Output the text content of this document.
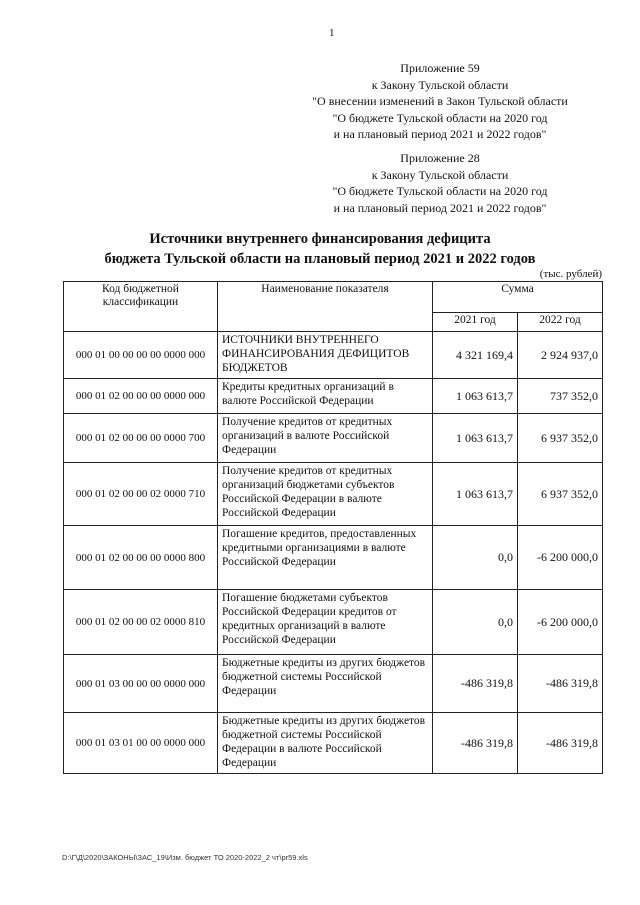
1
Приложение 59
к Закону Тульской области
"О внесении изменений в Закон Тульской области
"О бюджете Тульской области на 2020 год
и на плановый период 2021 и 2022 годов"
Приложение 28
к Закону Тульской области
"О бюджете Тульской области на 2020 год
и на плановый период 2021 и 2022 годов"
Источники внутреннего финансирования дефицита
бюджета Тульской области на плановый период 2021 и 2022 годов
(тыс. рублей)
Код бюджетной классификации	Наименование показателя	Сумма	
		2021 год	2022 год
000 01 00 00 00 00 0000 000	ИСТОЧНИКИ ВНУТРЕННЕГО ФИНАНСИРОВАНИЯ ДЕФИЦИТОВ БЮДЖЕТОВ	4 321 169,4	2 924 937,0
000 01 02 00 00 00 0000 000	Кредиты кредитных организаций в валюте Российской Федерации	1 063 613,7	737 352,0
000 01 02 00 00 00 0000 700	Получение кредитов от кредитных организаций в валюте Российской Федерации	1 063 613,7	6 937 352,0
000 01 02 00 00 02 0000 710	Получение кредитов от кредитных организаций бюджетами субъектов Российской Федерации в валюте Российской Федерации	1 063 613,7	6 937 352,0
000 01 02 00 00 00 0000 800	Погашение кредитов, предоставленных кредитными организациями в валюте Российской Федерации	0,0	-6 200 000,0
000 01 02 00 00 02 0000 810	Погашение бюджетами субъектов Российской Федерации кредитов от кредитных организаций в валюте Российской Федерации	0,0	-6 200 000,0
000 01 03 00 00 00 0000 000	Бюджетные кредиты из других бюджетов бюджетной системы Российской Федерации	-486 319,8	-486 319,8
000 01 03 01 00 00 0000 000	Бюджетные кредиты из других бюджетов бюджетной системы Российской Федерации в валюте Российской Федерации	-486 319,8	-486 319,8
D:\Г\Д\2020\ЗАКОНЫ\ЗАС_19\Изм. бюджет ТО 2020-2022_2 чт\pr59.xls
